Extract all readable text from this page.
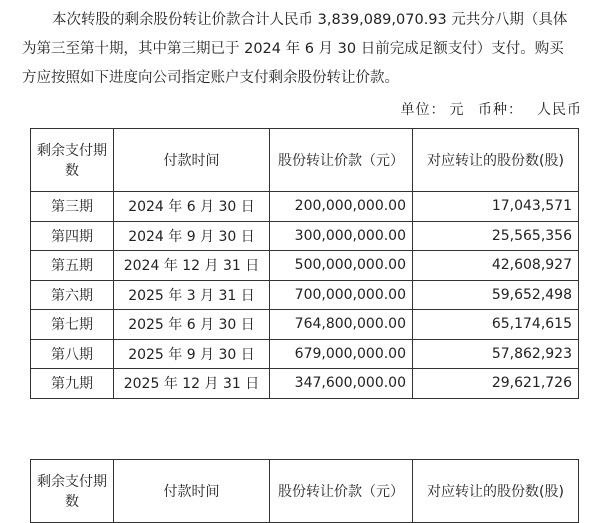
本次转股的剩余股份转让价款合计人民币 3,839,089,070.93 元共分八期（具体

为第三至第十期，其中第三期已于 2024 年 6 月 30 日前完成足额支付）支付。购买

方应按照如下进度向公司指定账户支付剩余股份转让价款。

单位： 元 币种： 人民币
剩余支付期数	付款时间	股份转让价款（元）	对应转让的股份数(股)
第三期	2024 年 6 月 30 日	200,000,000.00	17,043,571
第四期	2024 年 9 月 30 日	300,000,000.00	25,565,356
第五期	2024 年 12 月 31 日	500,000,000.00	42,608,927
第六期	2025 年 3 月 31 日	700,000,000.00	59,652,498
第七期	2025 年 6 月 30 日	764,800,000.00	65,174,615
第八期	2025 年 9 月 30 日	679,000,000.00	57,862,923
第九期	2025 年 12 月 31 日	347,600,000.00	29,621,726
剩余支付期数	付款时间	股份转让价款（元）	对应转让的股份数(股)
